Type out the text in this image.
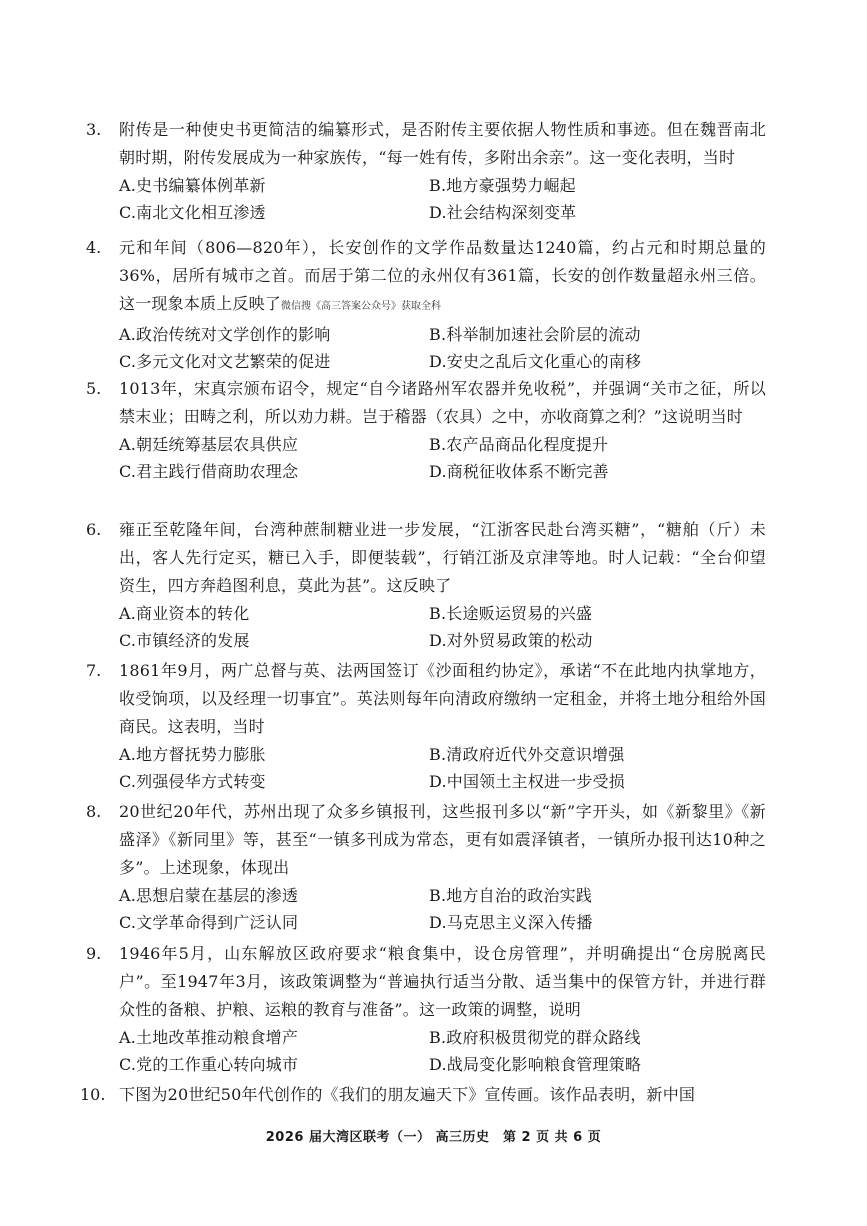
3.	附传是一种使史书更简洁的编纂形式，是否附传主要依据人物性质和事迹。但在魏晋南北朝时期，附传发展成为一种家族传，“每一姓有传，多附出余亲”。这一变化表明，当时
A.史书编纂体例革新	B.地方豪强势力崛起
C.南北文化相互渗透	D.社会结构深刻变革
4.	元和年间（806—820年），长安创作的文学作品数量达1240篇，约占元和时期总量的36%，居所有城市之首。而居于第二位的永州仅有361篇，长安的创作数量超永州三倍。这一现象本质上反映了微信搜《高三答案公众号》获取全科
A.政治传统对文学创作的影响	B.科举制加速社会阶层的流动
C.多元文化对文艺繁荣的促进	D.安史之乱后文化重心的南移
5.	1013年，宋真宗颁布诏令，规定“自今诸路州军农器并免收税”，并强调“关市之征，所以禁末业；田畴之利，所以劝力耕。岂于稽器（农具）之中，亦收商算之利？”这说明当时
A.朝廷统筹基层农具供应	B.农产品商品化程度提升
C.君主践行借商助农理念	D.商税征收体系不断完善
6.	雍正至乾隆年间，台湾种蔗制糖业进一步发展，“江浙客民赴台湾买糖”，“糖舶（斤）未出，客人先行定买，糖已入手，即便装载”，行销江浙及京津等地。时人记载：“全台仰望资生，四方奔趋图利息，莫此为甚”。这反映了
A.商业资本的转化	B.长途贩运贸易的兴盛
C.市镇经济的发展	D.对外贸易政策的松动
7.	1861年9月，两广总督与英、法两国签订《沙面租约协定》，承诺“不在此地内执掌地方，收受饷项，以及经理一切事宜”。英法则每年向清政府缴纳一定租金，并将土地分租给外国商民。这表明，当时
A.地方督抚势力膨胀	B.清政府近代外交意识增强
C.列强侵华方式转变	D.中国领土主权进一步受损
8.	20世纪20年代，苏州出现了众多乡镇报刊，这些报刊多以“新”字开头，如《新黎里》《新盛泽》《新同里》等，甚至“一镇多刊成为常态，更有如震泽镇者，一镇所办报刊达10种之多”。上述现象，体现出
A.思想启蒙在基层的渗透	B.地方自治的政治实践
C.文学革命得到广泛认同	D.马克思主义深入传播
9.	1946年5月，山东解放区政府要求“粮食集中，设仓房管理”，并明确提出“仓房脱离民户”。至1947年3月，该政策调整为“普遍执行适当分散、适当集中的保管方针，并进行群众性的备粮、护粮、运粮的教育与准备”。这一政策的调整，说明
A.土地改革推动粮食增产	B.政府积极贯彻党的群众路线
C.党的工作重心转向城市	D.战局变化影响粮食管理策略
10. 下图为20世纪50年代创作的《我们的朋友遍天下》宣传画。该作品表明，新中国
2026 届大湾区联考（一） 高三历史　第 2 页 共 6 页
